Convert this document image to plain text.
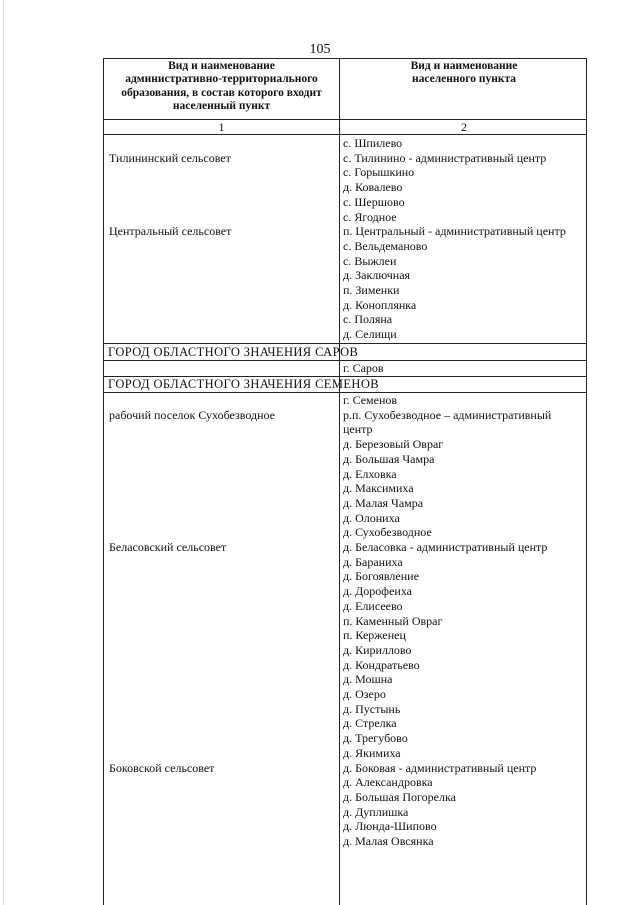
105
Вид и наименование
административно-территориального
образования, в состав которого входит
населенный пункт
Вид и наименование
населенного пункта
1	2
с. Шпилево
с. Тилинино - административный центр
с. Горышкино
д. Ковалево
с. Шершово
с. Ягодное
п. Центральный - административный центр
с. Вельдеманово
с. Выжлеи
д. Заключная
п. Зименки
д. Коноплянка
с. Поляна
д. Селищи
Тилининский сельсовет
Центральный сельсовет
ГОРОД ОБЛАСТНОГО ЗНАЧЕНИЯ САРОВ
г. Саров
ГОРОД ОБЛАСТНОГО ЗНАЧЕНИЯ СЕМЕНОВ
г. Семенов
р.п. Сухобезводное – административный
центр
д. Березовый Овраг
д. Большая Чамра
д. Елховка
д. Максимиха
д. Малая Чамра
д. Олониха
д. Сухобезводное
д. Беласовка - административный центр
д. Бараниха
д. Богоявление
д. Дорофеиха
д. Елисеево
п. Каменный Овраг
п. Керженец
д. Кириллово
д. Кондратьево
д. Мошна
д. Озеро
д. Пустынь
д. Стрелка
д. Трегубово
д. Якимиха
д. Боковая - административный центр
д. Александровка
д. Большая Погорелка
д. Дуплишка
д. Люнда-Шипово
д. Малая Овсянка
рабочий поселок Сухобезводное
Беласовский сельсовет
Боковской сельсовет
